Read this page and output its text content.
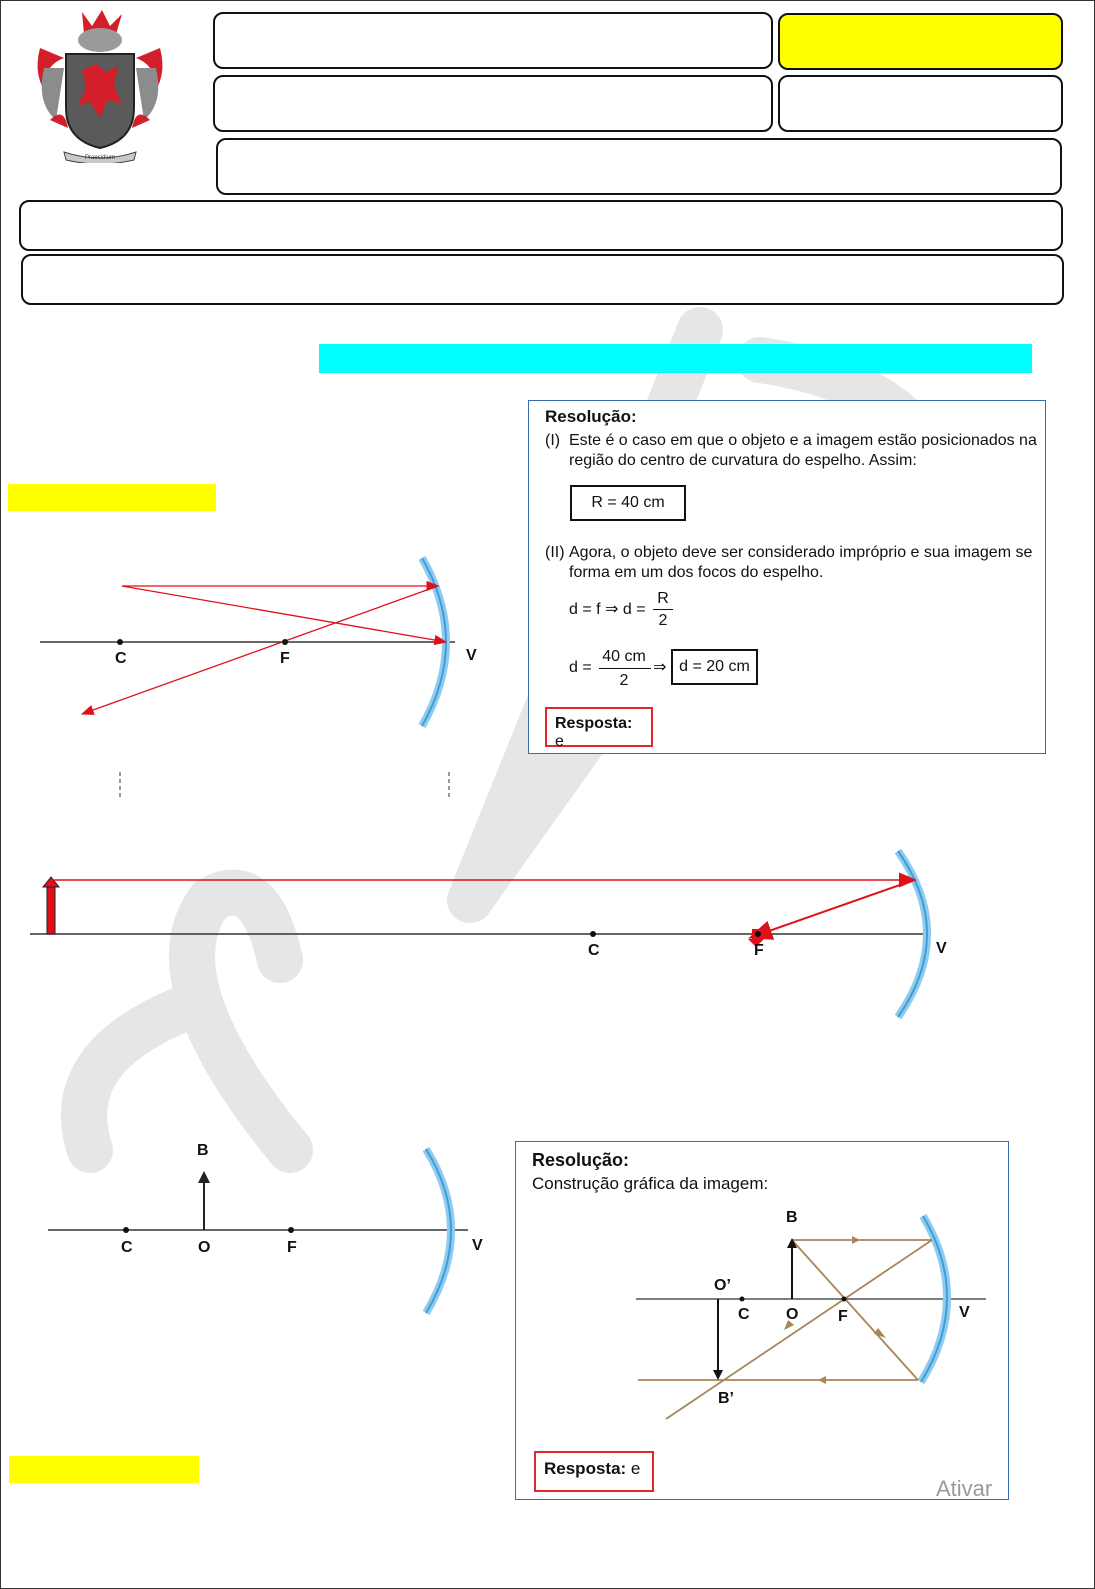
Praesidium
Resolução:
(I) Este é o caso em que o objeto e a imagem estão posicionados na região do centro de curvatura do espelho. Assim:
R = 40 cm
(II) Agora, o objeto deve ser considerado impróprio e sua imagem se forma em um dos focos do espelho.
d = f ⇒ d =
R
2
d =
40 cm
2
⇒ d = 20 cm
Resposta: e
C	F	V
C	F	V
B
C	O	F	V
Resolução:
Construção gráfica da imagem:
B
O’
C O F	V
B’
Resposta: e
Ativar
